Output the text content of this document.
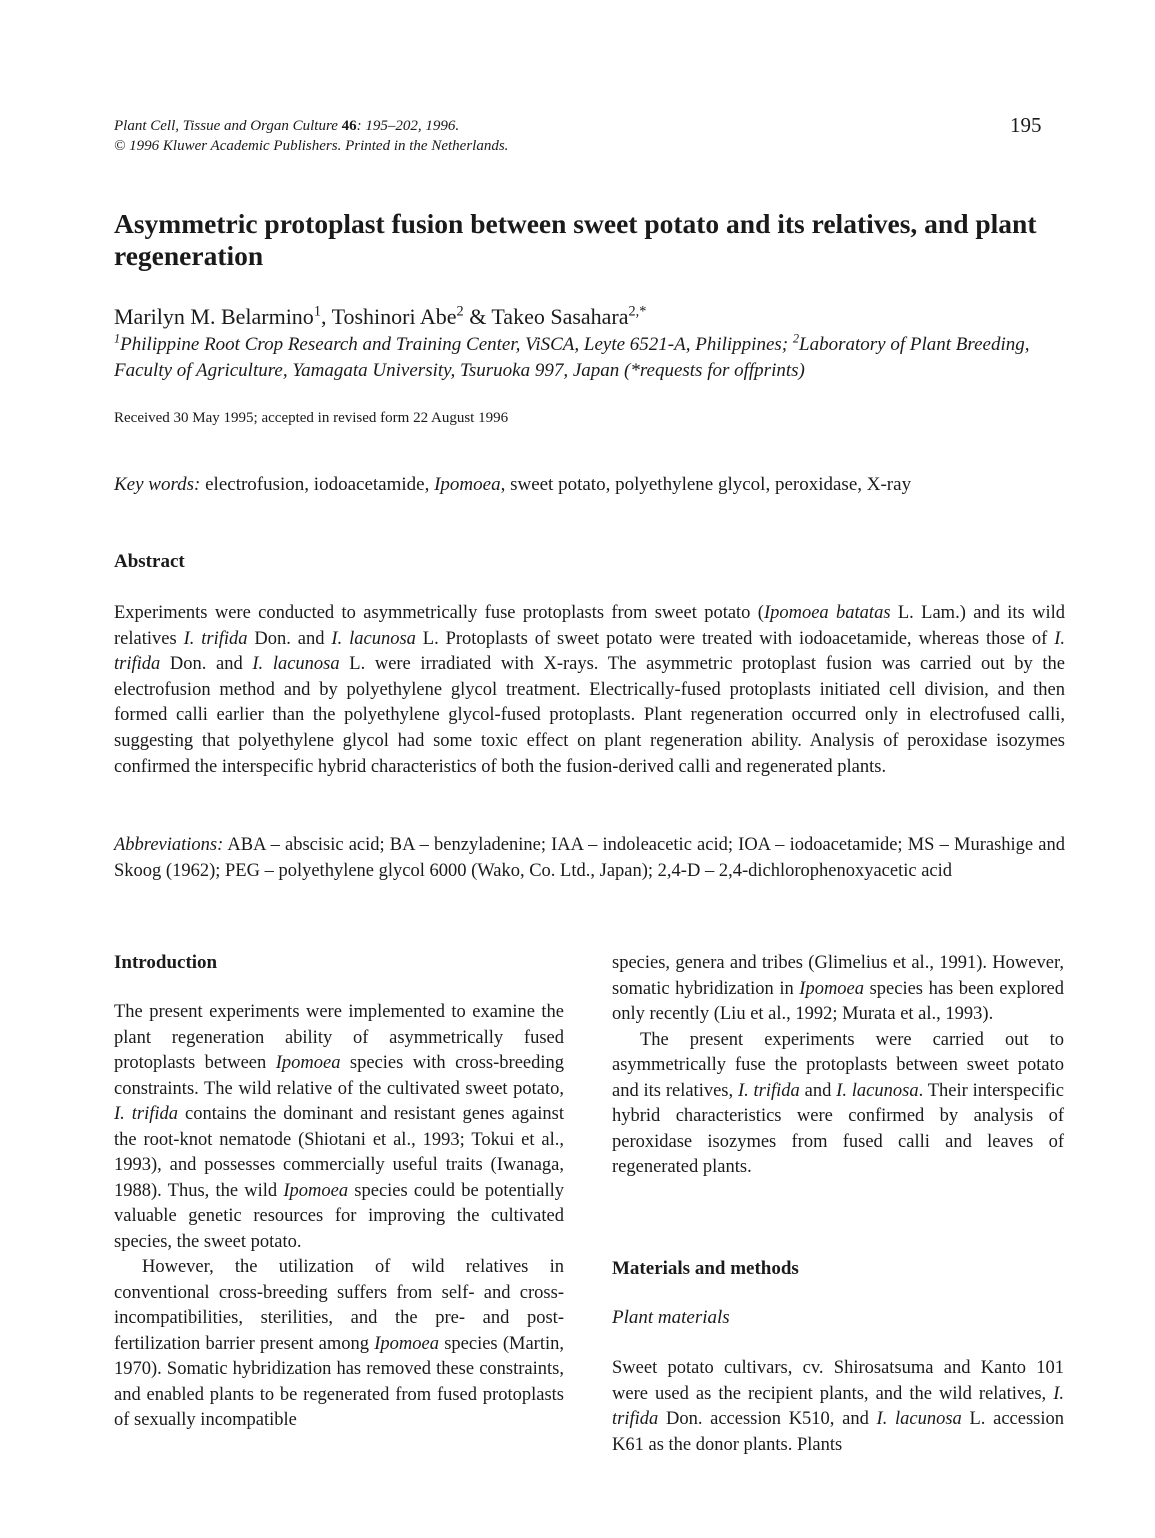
Plant Cell, Tissue and Organ Culture 46: 195–202, 1996.
© 1996 Kluwer Academic Publishers. Printed in the Netherlands.
195
Asymmetric protoplast fusion between sweet potato and its relatives, and plant regeneration
Marilyn M. Belarmino$^1$, Toshinori Abe$^2$ & Takeo Sasahara$^{2,*}$
$^1$Philippine Root Crop Research and Training Center, ViSCA, Leyte 6521-A, Philippines; $^2$Laboratory of Plant Breeding, Faculty of Agriculture, Yamagata University, Tsuruoka 997, Japan (*requests for offprints)
Received 30 May 1995; accepted in revised form 22 August 1996
Key words: electrofusion, iodoacetamide, Ipomoea, sweet potato, polyethylene glycol, peroxidase, X-ray
Abstract

Experiments were conducted to asymmetrically fuse protoplasts from sweet potato (Ipomoea batatas L. Lam.) and its wild relatives I. trifida Don. and I. lacunosa L. Protoplasts of sweet potato were treated with iodoacetamide, whereas those of I. trifida Don. and I. lacunosa L. were irradiated with X-rays. The asymmetric protoplast fusion was carried out by the electrofusion method and by polyethylene glycol treatment. Electrically-fused protoplasts initiated cell division, and then formed calli earlier than the polyethylene glycol-fused protoplasts. Plant regeneration occurred only in electrofused calli, suggesting that polyethylene glycol had some toxic effect on plant regeneration ability. Analysis of peroxidase isozymes confirmed the interspecific hybrid characteristics of both the fusion-derived calli and regenerated plants.

Abbreviations: ABA – abscisic acid; BA – benzyladenine; IAA – indoleacetic acid; IOA – iodoacetamide; MS – Murashige and Skoog (1962); PEG – polyethylene glycol 6000 (Wako, Co. Ltd., Japan); 2,4-D – 2,4-dichlorophenoxyacetic acid

Introduction

The present experiments were implemented to examine the plant regeneration ability of asymmetrically fused protoplasts between Ipomoea species with cross-breeding constraints. The wild relative of the cultivated sweet potato, I. trifida contains the dominant and resistant genes against the root-knot nematode (Shiotani et al., 1993; Tokui et al., 1993), and possesses commercially useful traits (Iwanaga, 1988). Thus, the wild Ipomoea species could be potentially valuable genetic resources for improving the cultivated species, the sweet potato.

However, the utilization of wild relatives in conventional cross-breeding suffers from self- and cross-incompatibilities, sterilities, and the pre- and post-fertilization barrier present among Ipomoea species (Martin, 1970). Somatic hybridization has removed these constraints, and enabled plants to be regenerated from fused protoplasts of sexually incompatible

species, genera and tribes (Glimelius et al., 1991). However, somatic hybridization in Ipomoea species has been explored only recently (Liu et al., 1992; Murata et al., 1993).

The present experiments were carried out to asymmetrically fuse the protoplasts between sweet potato and its relatives, I. trifida and I. lacunosa. Their interspecific hybrid characteristics were confirmed by analysis of peroxidase isozymes from fused calli and leaves of regenerated plants.

Materials and methods
Plant materials

Sweet potato cultivars, cv. Shirosatsuma and Kanto 101 were used as the recipient plants, and the wild relatives, I. trifida Don. accession K510, and I. lacunosa L. accession K61 as the donor plants. Plants
